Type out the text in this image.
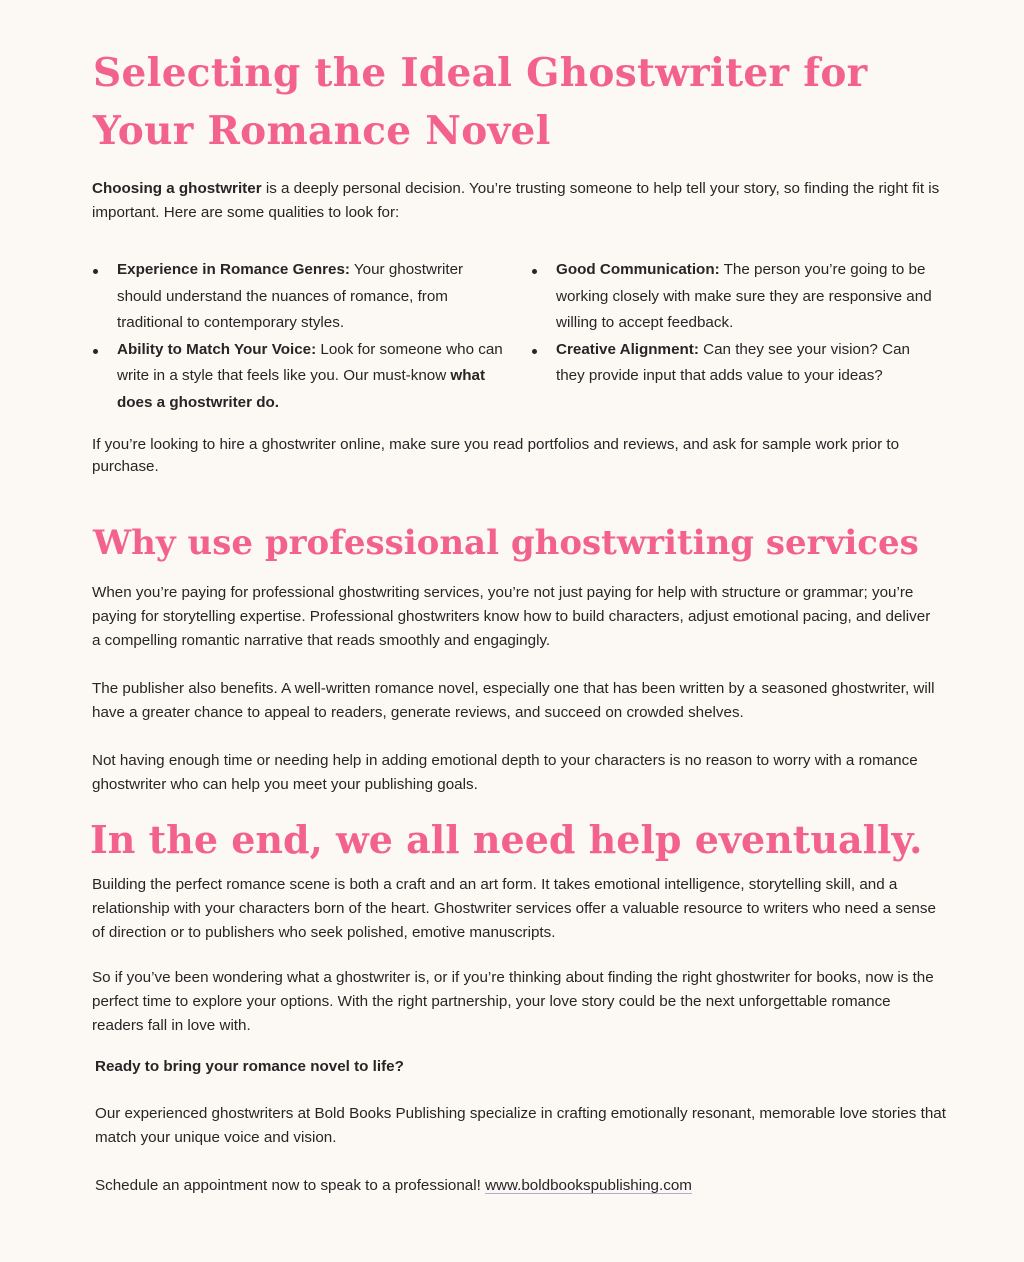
Selecting the Ideal Ghostwriter for Your Romance Novel

Choosing a ghostwriter is a deeply personal decision. You’re trusting someone to help tell your story, so finding the right fit is important. Here are some qualities to look for:

Experience in Romance Genres: Your ghostwriter should understand the nuances of romance, from traditional to contemporary styles.
Ability to Match Your Voice: Look for someone who can write in a style that feels like you. Our must-know what does a ghostwriter do.
Good Communication: The person you’re going to be working closely with make sure they are responsive and willing to accept feedback.
Creative Alignment: Can they see your vision? Can they provide input that adds value to your ideas?

If you’re looking to hire a ghostwriter online, make sure you read portfolios and reviews, and ask for sample work prior to purchase.

Why use professional ghostwriting services

When you’re paying for professional ghostwriting services, you’re not just paying for help with structure or grammar; you’re paying for storytelling expertise. Professional ghostwriters know how to build characters, adjust emotional pacing, and deliver a compelling romantic narrative that reads smoothly and engagingly.

The publisher also benefits. A well-written romance novel, especially one that has been written by a seasoned ghostwriter, will have a greater chance to appeal to readers, generate reviews, and succeed on crowded shelves.

Not having enough time or needing help in adding emotional depth to your characters is no reason to worry with a romance ghostwriter who can help you meet your publishing goals.

In the end, we all need help eventually.

Building the perfect romance scene is both a craft and an art form. It takes emotional intelligence, storytelling skill, and a relationship with your characters born of the heart. Ghostwriter services offer a valuable resource to writers who need a sense of direction or to publishers who seek polished, emotive manuscripts.

So if you’ve been wondering what a ghostwriter is, or if you’re thinking about finding the right ghostwriter for books, now is the perfect time to explore your options. With the right partnership, your love story could be the next unforgettable romance readers fall in love with.

Ready to bring your romance novel to life?

Our experienced ghostwriters at Bold Books Publishing specialize in crafting emotionally resonant, memorable love stories that match your unique voice and vision.

Schedule an appointment now to speak to a professional! www.boldbookspublishing.com
